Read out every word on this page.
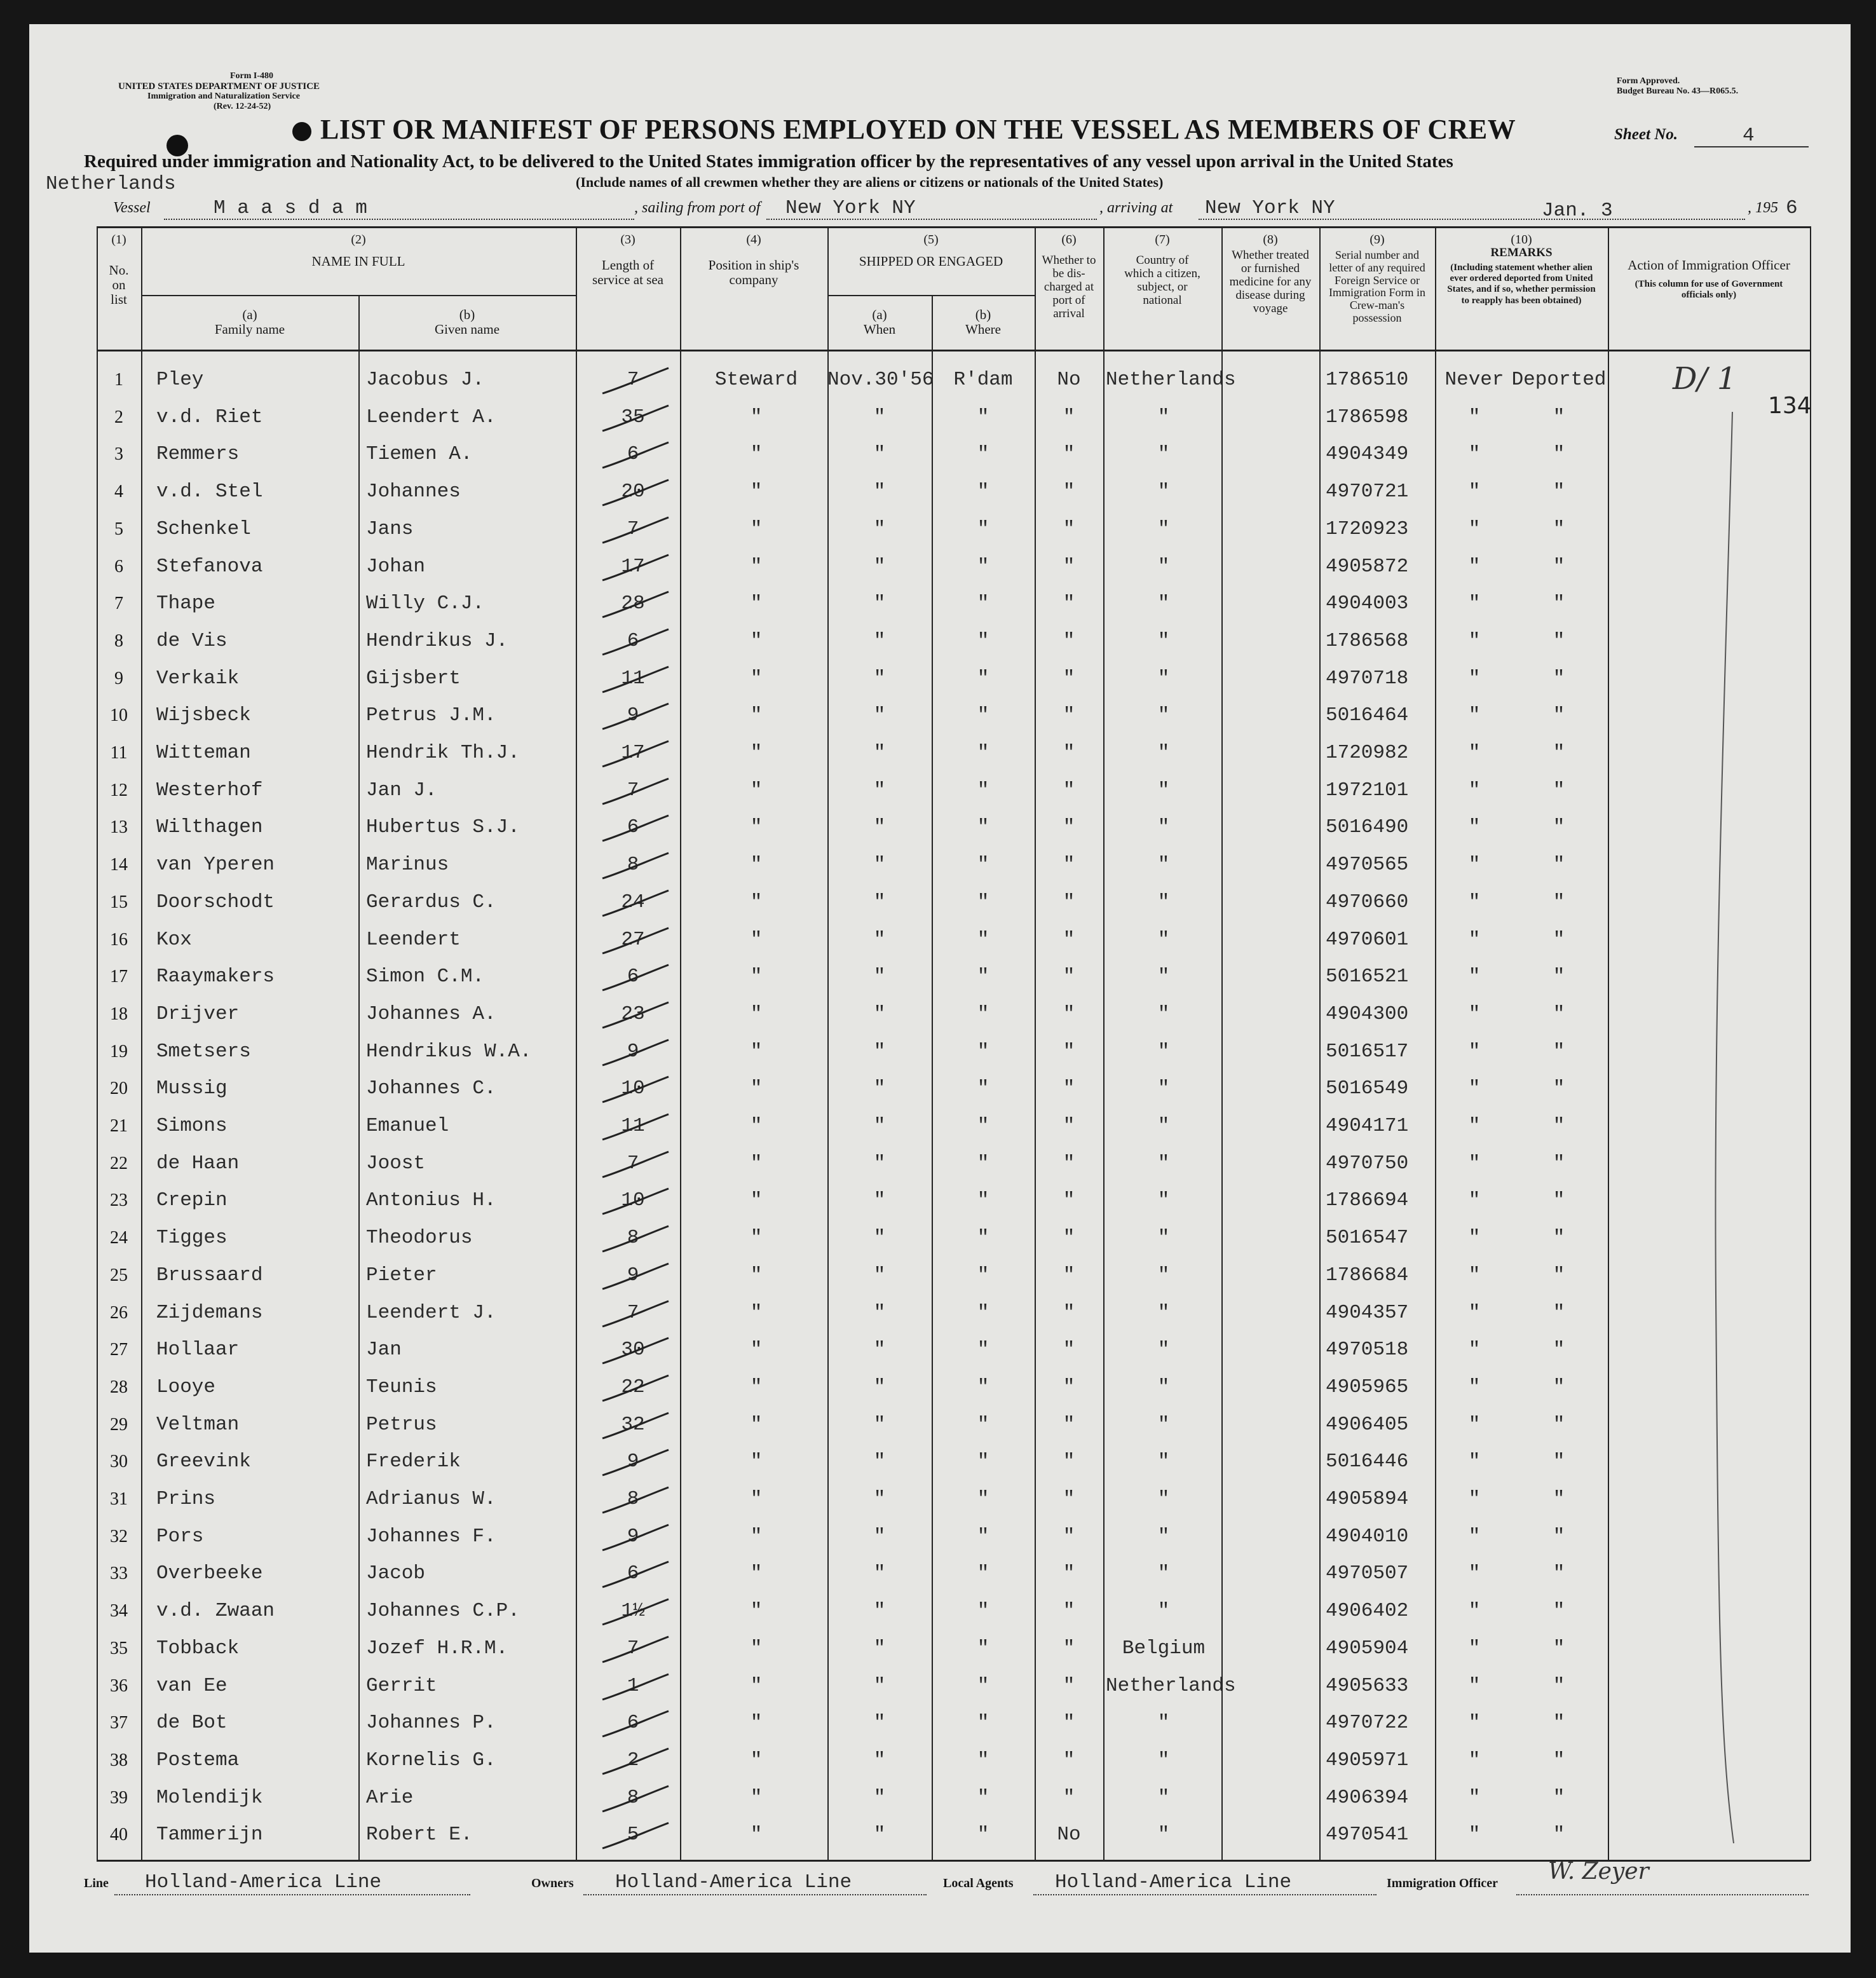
Form I-480
UNITED STATES DEPARTMENT OF JUSTICE
Immigration and Naturalization Service
(Rev. 12-24-52)
Form Approved.
Budget Bureau No. 43—R065.5.
LIST OR MANIFEST OF PERSONS EMPLOYED ON THE VESSEL AS MEMBERS OF CREW	Sheet No.	4
Required under immigration and Nationality Act, to be delivered to the United States immigration officer by the representatives of any vessel upon arrival in the United States
Netherlands	(Include names of all crewmen whether they are aliens or citizens or nationals of the United States)
Vessel	M a a s d a m	, sailing from port of New York NY	, arriving at New York NY	Jan. 3	, 195 6
(1)
No. on list
(2)
NAME IN FULL
(a)
Family name
(b)
Given name
(3)
Length of service at sea
(4)
Position in ship's company
(5)
SHIPPED OR ENGAGED
(a)
When
(b)
Where
(6)
Whether to be dis-charged at port of arrival
(7)
Country of which a citizen, subject, or national
(8)
Whether treated or furnished medicine for any disease during voyage
(9)
Serial number and letter of any required Foreign Service or Immigration Form in Crew-man's possession
(10)
REMARKS
(Including statement whether alien ever ordered deported from United States, and if so, whether permission to reapply has been obtained)
Action of Immigration Officer
(This column for use of Government officials only)
1	Pley	Jacobus J.	7	Steward	Nov.30'56	R'dam	No	Netherlands	1786510	Never Deported
2	v.d. Riet	Leendert A.	35	"	"	"	"	"	1786598	"	"
3	Remmers	Tiemen A.	6	"	"	"	"	"	4904349	"	"
4	v.d. Stel	Johannes	20	"	"	"	"	"	4970721	"	"
5	Schenkel	Jans	7	"	"	"	"	"	1720923	"	"
6	Stefanova	Johan	17	"	"	"	"	"	4905872	"	"
7	Thape	Willy C.J.	28	"	"	"	"	"	4904003	"	"
8	de Vis	Hendrikus J.	6	"	"	"	"	"	1786568	"	"
9	Verkaik	Gijsbert	11	"	"	"	"	"	4970718	"	"
10	Wijsbeck	Petrus J.M.	9	"	"	"	"	"	5016464	"	"
11	Witteman	Hendrik Th.J.	17	"	"	"	"	"	1720982	"	"
12	Westerhof	Jan J.	7	"	"	"	"	"	1972101	"	"
13	Wilthagen	Hubertus S.J.	6	"	"	"	"	"	5016490	"	"
14	van Yperen	Marinus	8	"	"	"	"	"	4970565	"	"
15	Doorschodt	Gerardus C.	24	"	"	"	"	"	4970660	"	"
16	Kox	Leendert	27	"	"	"	"	"	4970601	"	"
17	Raaymakers	Simon C.M.	6	"	"	"	"	"	5016521	"	"
18	Drijver	Johannes A.	23	"	"	"	"	"	4904300	"	"
19	Smetsers	Hendrikus W.A.	9	"	"	"	"	"	5016517	"	"
20	Mussig	Johannes C.	10	"	"	"	"	"	5016549	"	"
21	Simons	Emanuel	11	"	"	"	"	"	4904171	"	"
22	de Haan	Joost	7	"	"	"	"	"	4970750	"	"
23	Crepin	Antonius H.	10	"	"	"	"	"	1786694	"	"
24	Tigges	Theodorus	8	"	"	"	"	"	5016547	"	"
25	Brussaard	Pieter	9	"	"	"	"	"	1786684	"	"
26	Zijdemans	Leendert J.	7	"	"	"	"	"	4904357	"	"
27	Hollaar	Jan	30	"	"	"	"	"	4970518	"	"
28	Looye	Teunis	22	"	"	"	"	"	4905965	"	"
29	Veltman	Petrus	32	"	"	"	"	"	4906405	"	"
30	Greevink	Frederik	9	"	"	"	"	"	5016446	"	"
31	Prins	Adrianus W.	8	"	"	"	"	"	4905894	"	"
32	Pors	Johannes F.	9	"	"	"	"	"	4904010	"	"
33	Overbeeke	Jacob	6	"	"	"	"	"	4970507	"	"
34	v.d. Zwaan	Johannes C.P.	1½	"	"	"	"	"	4906402	"	"
35	Tobback	Jozef H.R.M.	7	"	"	"	"	Belgium	4905904	"	"
36	van Ee	Gerrit	1	"	"	"	"	Netherlands	4905633	"	"
37	de Bot	Johannes P.	6	"	"	"	"	"	4970722	"	"
38	Postema	Kornelis G.	2	"	"	"	"	"	4905971	"	"
39	Molendijk	Arie	8	"	"	"	"	"	4906394	"	"
40	Tammerijn	Robert E.	5	"	"	"	No	"	4970541	"	"
D/ 1
134
Line Holland-America Line	Owners Holland-America Line	Local Agents Holland-America Line	Immigration Officer W. Zeyer
